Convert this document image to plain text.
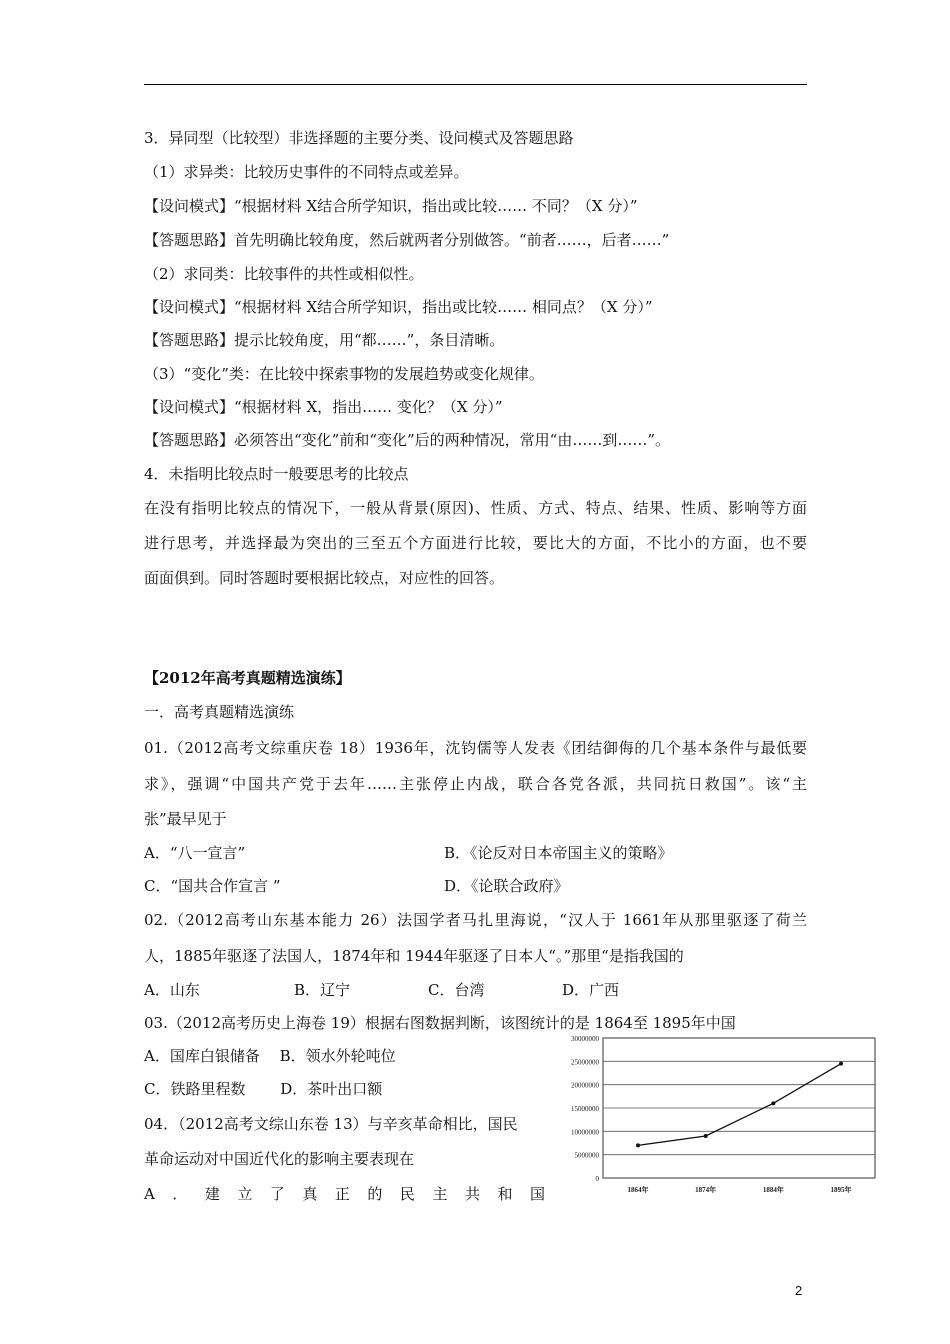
3．异同型（比较型）非选择题的主要分类、设问模式及答题思路
（1）求异类：比较历史事件的不同特点或差异。
【设问模式】“根据材料 X结合所学知识，指出或比较…… 不同？（X 分）”
【答题思路】首先明确比较角度，然后就两者分别做答。“前者……，后者……”
（2）求同类：比较事件的共性或相似性。
【设问模式】“根据材料 X结合所学知识，指出或比较…… 相同点？（X 分）”
【答题思路】提示比较角度，用“都……”，条目清晰。
（3）“变化”类：在比较中探索事物的发展趋势或变化规律。
【设问模式】“根据材料 X，指出…… 变化？（X 分）”
【答题思路】必须答出“变化”前和“变化”后的两种情况，常用“由……到……”。
4．未指明比较点时一般要思考的比较点
在没有指明比较点的情况下，一般从背景(原因)、性质、方式、特点、结果、性质、影响等方面
进行思考，并选择最为突出的三至五个方面进行比较，要比大的方面，不比小的方面，也不要
面面俱到。同时答题时要根据比较点，对应性的回答。
【2012年高考真题精选演练】
一．高考真题精选演练
01.（2012高考文综重庆卷 18）1936年，沈钧儒等人发表《团结御侮的几个基本条件与最低要
求》，强调“中国共产党于去年……主张停止内战，联合各党各派，共同抗日救国”。该“主
张”最早见于
A．“八一宣言”	B．《论反对日本帝国主义的策略》
C．“国共合作宣言 ”	D．《论联合政府》
02.（2012高考山东基本能力 26）法国学者马扎里海说，“汉人于 1661年从那里驱逐了荷兰
人，1885年驱逐了法国人，1874年和 1944年驱逐了日本人“。”那里“是指我国的
A．山东	B．辽宁	C．台湾	D．广西
03.（2012高考历史上海卷 19）根据右图数据判断，该图统计的是 1864至 1895年中国
A．国库白银储备　 B．领水外轮吨位
C．铁路里程数　　 D．茶叶出口额
04．（2012高考文综山东卷 13）与辛亥革命相比，国民
革命运动对中国近代化的影响主要表现在
A．建立了真正的民主共和国
0
5000000
10000000
15000000
20000000
25000000
30000000
1864年	1874年	1884年	1895年
2
